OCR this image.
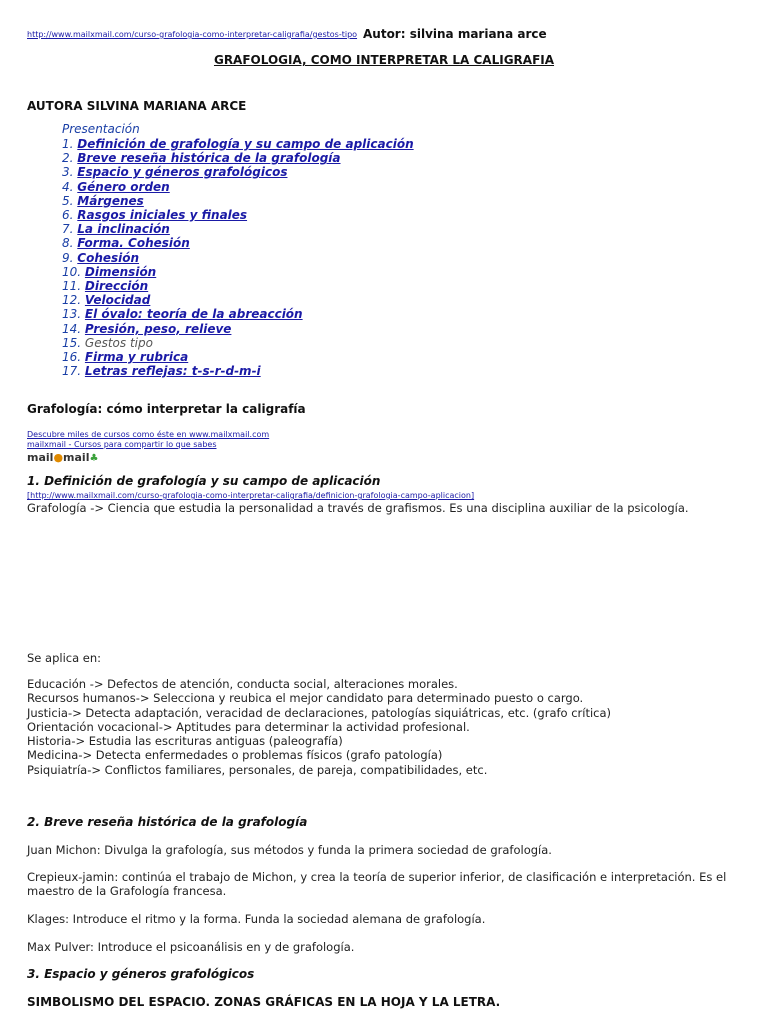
http://www.mailxmail.com/curso-grafologia-como-interpretar-caligrafia/gestos-tipo Autor: silvina mariana arce
GRAFOLOGIA, COMO INTERPRETAR LA CALIGRAFIA
AUTORA SILVINA MARIANA ARCE
Presentación
1. Definición de grafología y su campo de aplicación
2. Breve reseña histórica de la grafología
3. Espacio y géneros grafológicos
4. Género orden
5. Márgenes
6. Rasgos iniciales y finales
7. La inclinación
8. Forma. Cohesión
9. Cohesión
10. Dimensión
11. Dirección
12. Velocidad
13. El óvalo: teoría de la abreacción
14. Presión, peso, relieve
15. Gestos tipo
16. Firma y rubrica
17. Letras reflejas: t-s-r-d-m-i
Grafología: cómo interpretar la caligrafía
Descubre miles de cursos como éste en www.mailxmail.com
mailxmail - Cursos para compartir lo que sabes
mail●mail♣
1. Definición de grafología y su campo de aplicación
[http://www.mailxmail.com/curso-grafologia-como-interpretar-caligrafia/definicion-grafologia-campo-aplicacion]
Grafología -> Ciencia que estudia la personalidad a través de grafismos. Es una disciplina auxiliar de la psicología.
Se aplica en:
Educación -> Defectos de atención, conducta social, alteraciones morales.
Recursos humanos-> Selecciona y reubica el mejor candidato para determinado puesto o cargo.
Justicia-> Detecta adaptación, veracidad de declaraciones, patologías siquiátricas, etc. (grafo crítica)
Orientación vocacional-> Aptitudes para determinar la actividad profesional.
Historia-> Estudia las escrituras antiguas (paleografía)
Medicina-> Detecta enfermedades o problemas físicos (grafo patología)
Psiquiatría-> Conflictos familiares, personales, de pareja, compatibilidades, etc.
2. Breve reseña histórica de la grafología
Juan Michon: Divulga la grafología, sus métodos y funda la primera sociedad de grafología.
Crepieux-jamin: continúa el trabajo de Michon, y crea la teoría de superior inferior, de clasificación e interpretación. Es el maestro de la Grafología francesa.
Klages: Introduce el ritmo y la forma. Funda la sociedad alemana de grafología.
Max Pulver: Introduce el psicoanálisis en y de grafología.
3. Espacio y géneros grafológicos
SIMBOLISMO DEL ESPACIO. ZONAS GRÁFICAS EN LA HOJA Y LA LETRA.
